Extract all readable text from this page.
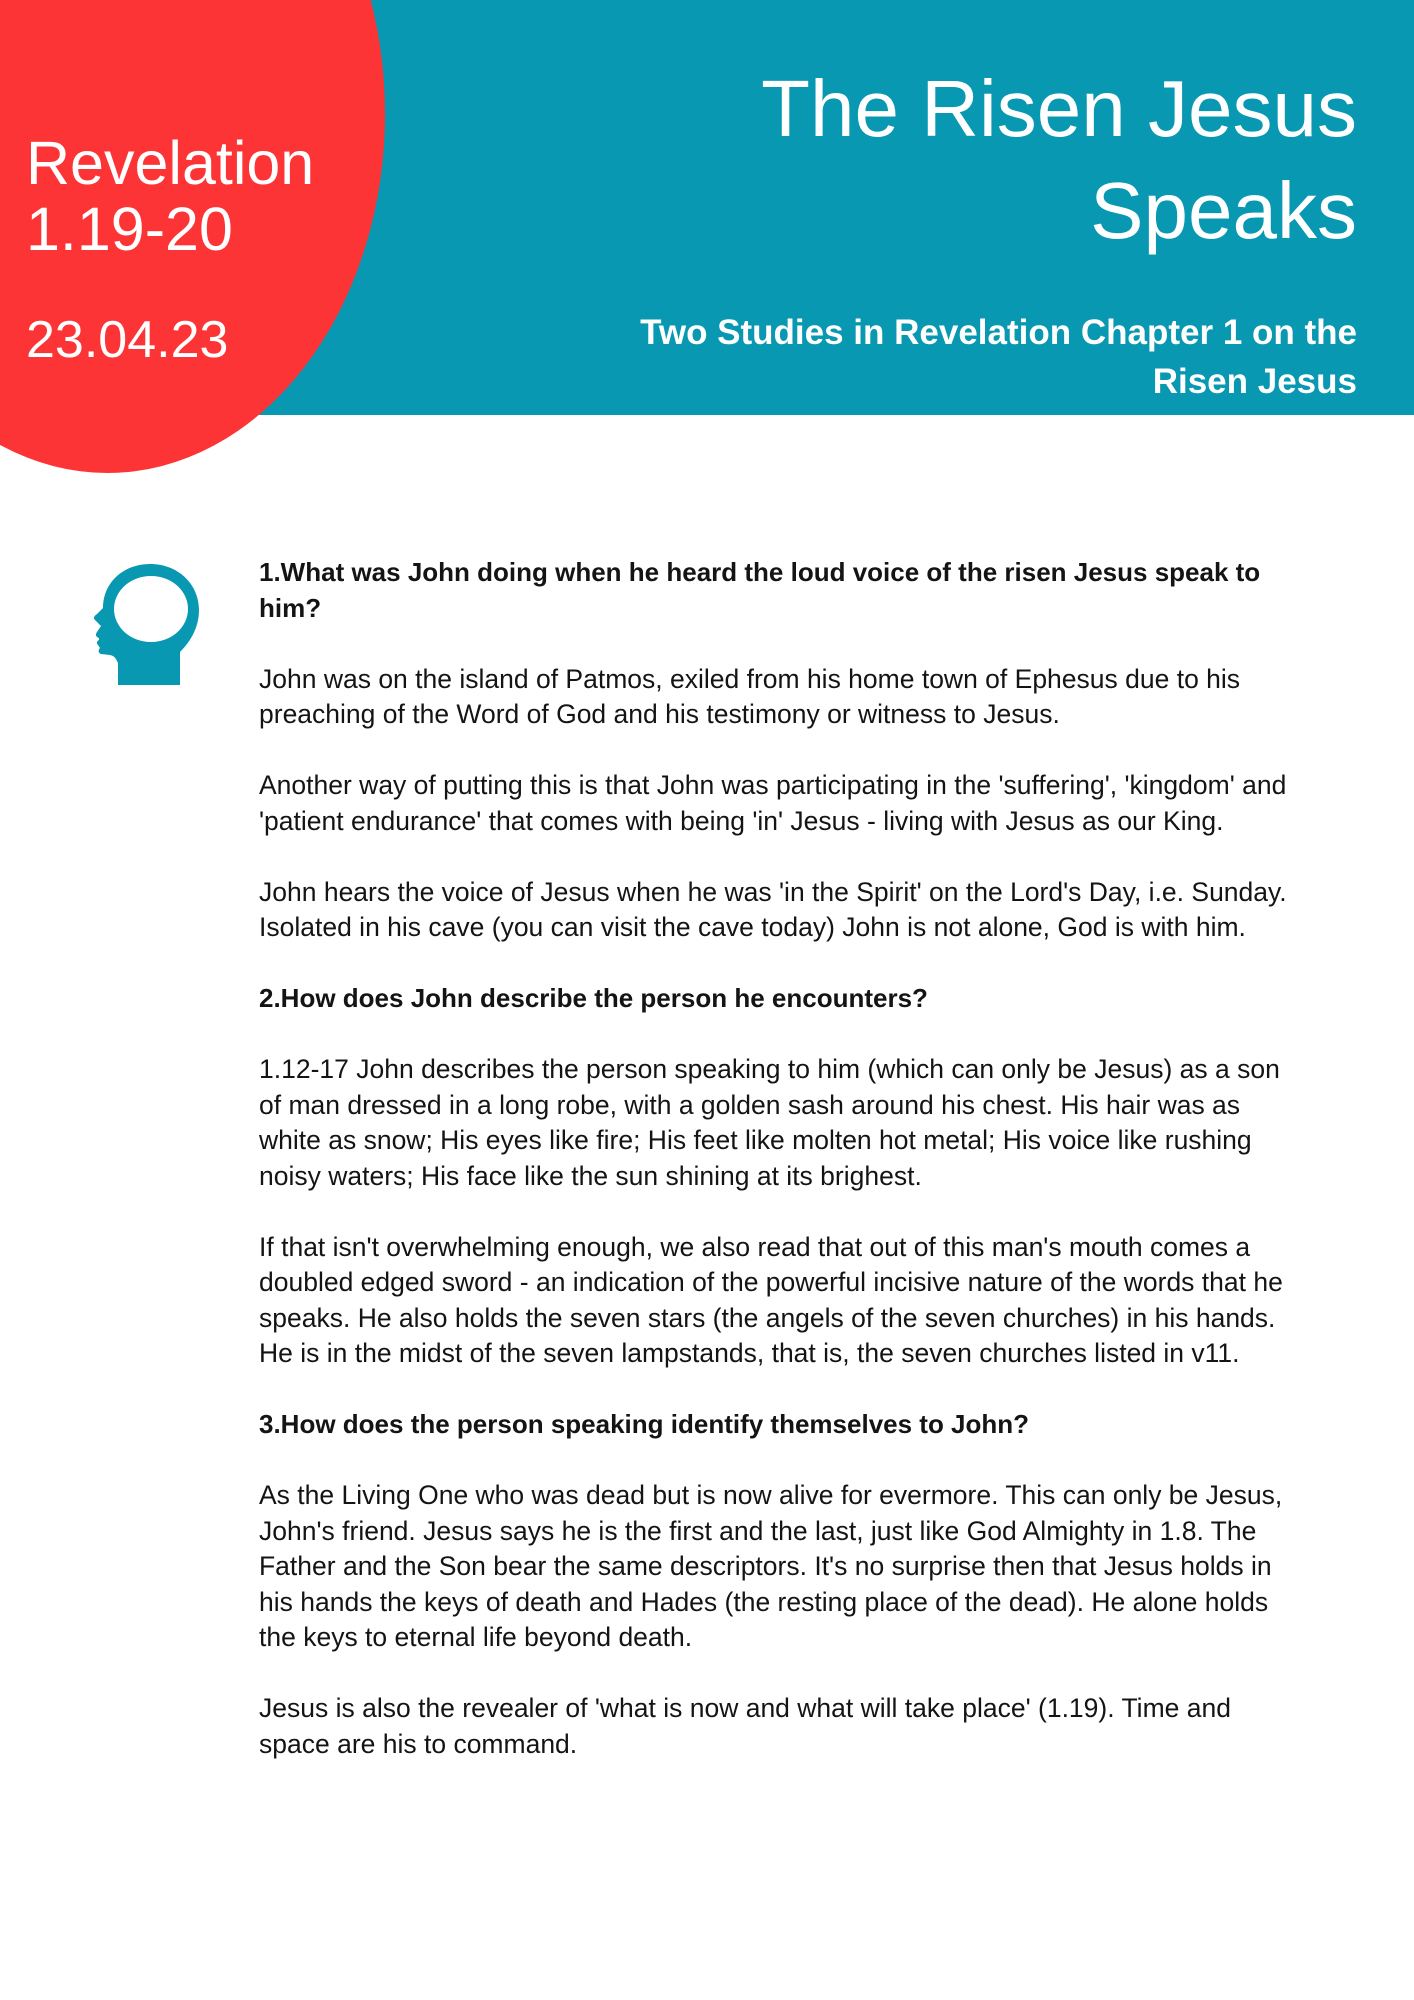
Revelation 1.19-20
23.04.23
The Risen Jesus Speaks
Two Studies in Revelation Chapter 1 on the Risen Jesus

1.What was John doing when he heard the loud voice of the risen Jesus speak to him?

John was on the island of Patmos, exiled from his home town of Ephesus due to his preaching of the Word of God and his testimony or witness to Jesus.

Another way of putting this is that John was participating in the 'suffering', 'kingdom' and 'patient endurance' that comes with being 'in' Jesus - living with Jesus as our King.

John hears the voice of Jesus when he was 'in the Spirit' on the Lord's Day, i.e. Sunday. Isolated in his cave (you can visit the cave today) John is not alone, God is with him.

2.How does John describe the person he encounters?

1.12-17 John describes the person speaking to him (which can only be Jesus) as a son of man dressed in a long robe, with a golden sash around his chest. His hair was as white as snow; His eyes like fire; His feet like molten hot metal; His voice like rushing noisy waters; His face like the sun shining at its brighest.

If that isn't overwhelming enough, we also read that out of this man's mouth comes a doubled edged sword - an indication of the powerful incisive nature of the words that he speaks. He also holds the seven stars (the angels of the seven churches) in his hands. He is in the midst of the seven lampstands, that is, the seven churches listed in v11.

3.How does the person speaking identify themselves to John?

As the Living One who was dead but is now alive for evermore. This can only be Jesus, John's friend. Jesus says he is the first and the last, just like God Almighty in 1.8. The Father and the Son bear the same descriptors. It's no surprise then that Jesus holds in his hands the keys of death and Hades (the resting place of the dead). He alone holds the keys to eternal life beyond death.

Jesus is also the revealer of 'what is now and what will take place' (1.19). Time and space are his to command.
